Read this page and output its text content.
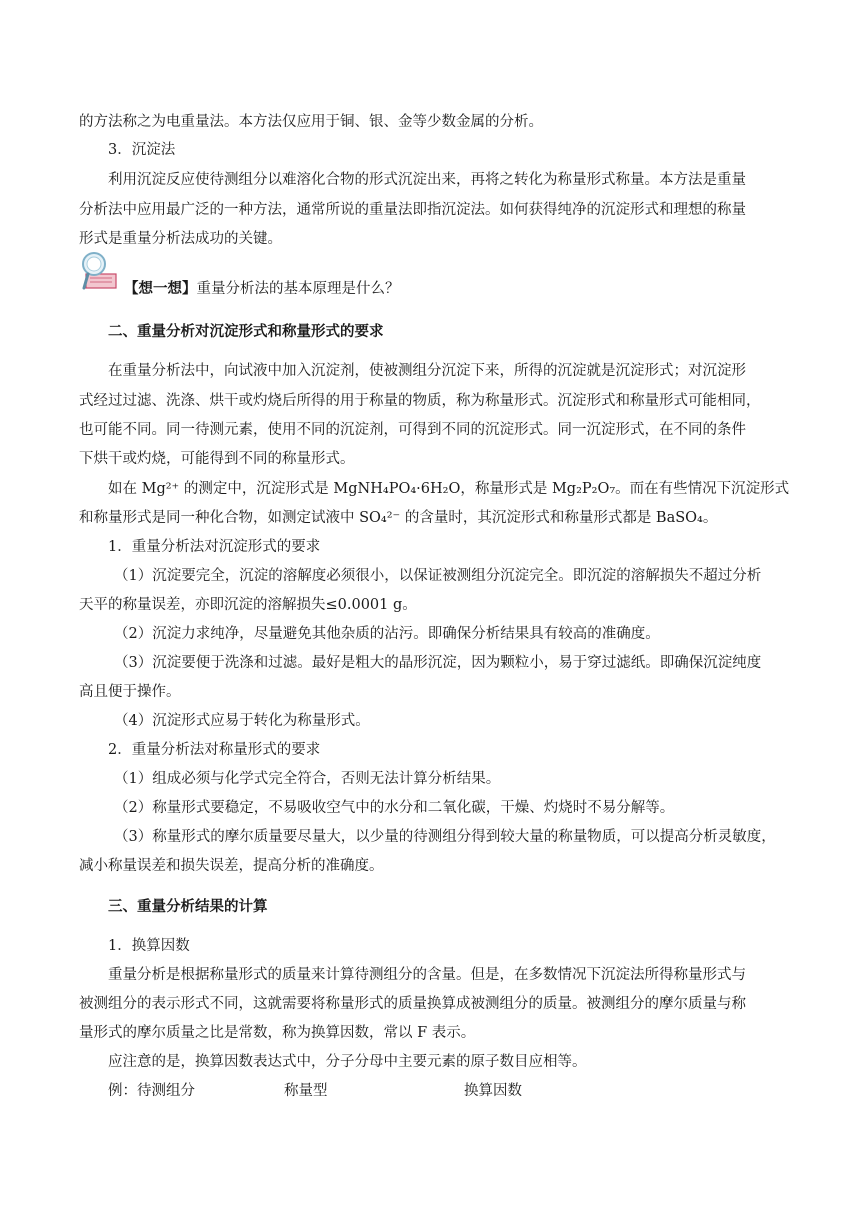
的方法称之为电重量法。本方法仅应用于铜、银、金等少数金属的分析。
3．沉淀法
利用沉淀反应使待测组分以难溶化合物的形式沉淀出来，再将之转化为称量形式称量。本方法是重量
分析法中应用最广泛的一种方法，通常所说的重量法即指沉淀法。如何获得纯净的沉淀形式和理想的称量
形式是重量分析法成功的关键。
【想一想】重量分析法的基本原理是什么？
二、重量分析对沉淀形式和称量形式的要求
在重量分析法中，向试液中加入沉淀剂，使被测组分沉淀下来，所得的沉淀就是沉淀形式；对沉淀形
式经过过滤、洗涤、烘干或灼烧后所得的用于称量的物质，称为称量形式。沉淀形式和称量形式可能相同，
也可能不同。同一待测元素，使用不同的沉淀剂，可得到不同的沉淀形式。同一沉淀形式，在不同的条件
下烘干或灼烧，可能得到不同的称量形式。
如在 Mg²⁺ 的测定中，沉淀形式是 MgNH₄PO₄·6H₂O，称量形式是 Mg₂P₂O₇。而在有些情况下沉淀形式
和称量形式是同一种化合物，如测定试液中 SO₄²⁻ 的含量时，其沉淀形式和称量形式都是 BaSO₄。
1．重量分析法对沉淀形式的要求
（1）沉淀要完全，沉淀的溶解度必须很小，以保证被测组分沉淀完全。即沉淀的溶解损失不超过分析
天平的称量误差，亦即沉淀的溶解损失≤0.0001 g。
（2）沉淀力求纯净，尽量避免其他杂质的沾污。即确保分析结果具有较高的准确度。
（3）沉淀要便于洗涤和过滤。最好是粗大的晶形沉淀，因为颗粒小，易于穿过滤纸。即确保沉淀纯度
高且便于操作。
（4）沉淀形式应易于转化为称量形式。
2．重量分析法对称量形式的要求
（1）组成必须与化学式完全符合，否则无法计算分析结果。
（2）称量形式要稳定，不易吸收空气中的水分和二氧化碳，干燥、灼烧时不易分解等。
（3）称量形式的摩尔质量要尽量大，以少量的待测组分得到较大量的称量物质，可以提高分析灵敏度，
减小称量误差和损失误差，提高分析的准确度。
三、重量分析结果的计算
1．换算因数
重量分析是根据称量形式的质量来计算待测组分的含量。但是，在多数情况下沉淀法所得称量形式与
被测组分的表示形式不同，这就需要将称量形式的质量换算成被测组分的质量。被测组分的摩尔质量与称
量形式的摩尔质量之比是常数，称为换算因数，常以 F 表示。
应注意的是，换算因数表达式中，分子分母中主要元素的原子数目应相等。
例：待测组分	称量型	换算因数
